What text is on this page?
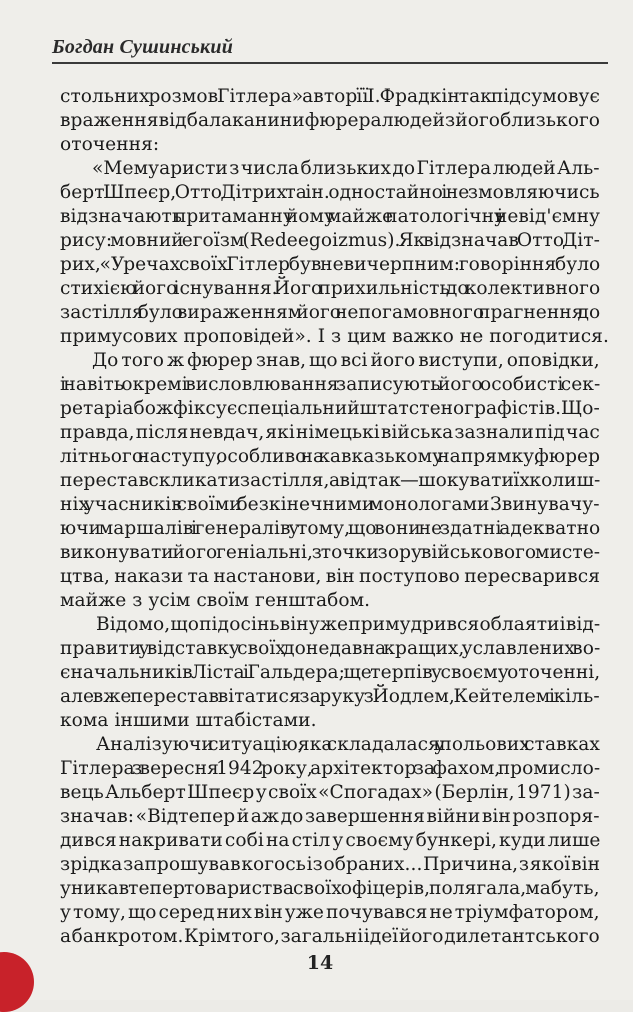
Богдан Сушинський
стольних розмов Гітлера» автор її І. Фрадкін так підсумовує
враження від балаканини фюрера людей з його близького
оточення:
«Мемуаристи з числа близьких до Гітлера людей Аль-
берт Шпеєр, Отто Дітрих та ін. одностайно і не змовляючись
відзначають притаманну йому майже патологічну і невід'ємну
рису: мовний егоїзм (Redeegoizmus). Як відзначав Отто Діт-
рих, «У речах своїх Гітлер був невичерпним: говоріння було
стихією його існування. Його прихильність до колективного
застілля було вираженням його непогамовного прагнення до
примусових проповідей». І з цим важко не погодитися.
До того ж фюрер знав, що всі його виступи, оповідки,
і навіть окремі висловлювання записують його особисті сек-
ретарі або ж фіксує спеціальний штат стенографістів. Що-
правда, після невдач, які німецькі війська зазнали під час
літнього наступу, особливо на кавказькому напрямку, фюрер
перестав скликати застілля, а відтак — шокувати їх колиш-
ніх учасників своїми безкінечними монологами. Звинувачу-
ючи маршалів і генералів у тому, що вони не здатні адекватно
виконувати його геніальні, з точки зору військового мисте-
цтва, накази та настанови, він поступово пересварився
майже з усім своїм генштабом.
Відомо, що під осінь він уже примудрився облаяти і від-
правити у відставку своїх донедавна кращих, уславлених во-
єначальників Ліста і Гальдера; ще терпів у своєму оточенні,
але вже перестав вітатися за руку з Йодлем, Кейтелем і кіль-
кома іншими штабістами.
Аналізуючи ситуацію, яка складалася у польових ставках
Гітлера з вересня 1942 року, архітектор за фахом, промисло-
вець Альберт Шпеєр у своїх «Спогадах» (Берлін, 1971) за-
значав: «Відтепер й аж до завершення війни він розпоря-
дився накривати собі на стіл у своєму бункері, куди лише
зрідка запрошував когось із обраних... Причина, з якої він
уникав тепер товариства своїх офіцерів, полягала, мабуть,
у тому, що серед них він уже почувався не тріумфатором,
а банкротом. Крім того, загальні ідеї його дилетантського
14
